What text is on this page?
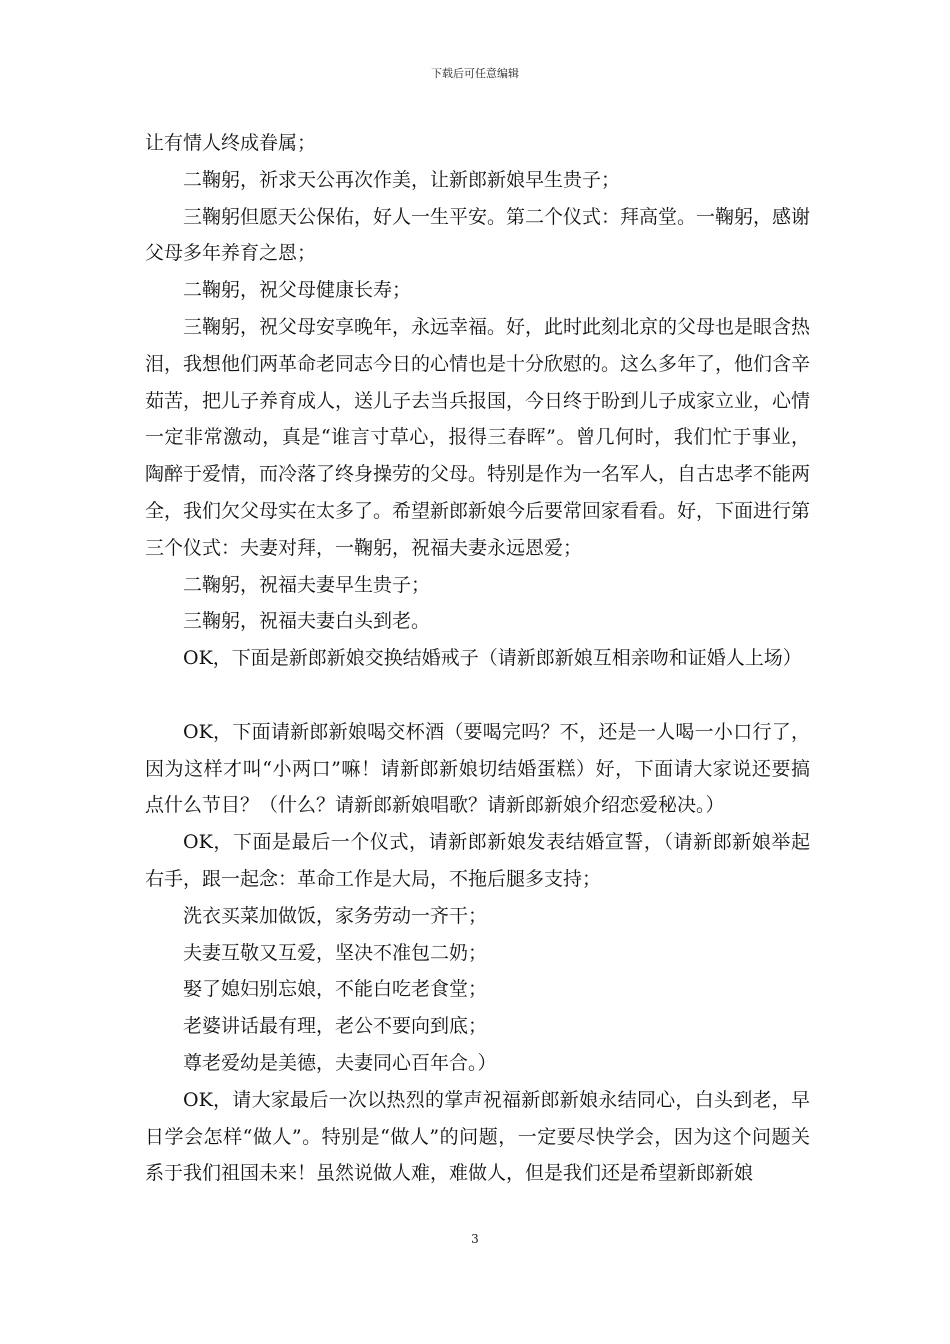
下载后可任意编辑

让有情人终成眷属；

二鞠躬，祈求天公再次作美，让新郎新娘早生贵子；

三鞠躬但愿天公保佑，好人一生平安。第二个仪式：拜高堂。一鞠躬，感谢父母多年养育之恩；

二鞠躬，祝父母健康长寿；

三鞠躬，祝父母安享晚年，永远幸福。好，此时此刻北京的父母也是眼含热泪，我想他们两革命老同志今日的心情也是十分欣慰的。这么多年了，他们含辛茹苦，把儿子养育成人，送儿子去当兵报国，今日终于盼到儿子成家立业，心情一定非常激动，真是“谁言寸草心，报得三春晖”。曾几何时，我们忙于事业，陶醉于爱情，而冷落了终身操劳的父母。特别是作为一名军人，自古忠孝不能两全，我们欠父母实在太多了。希望新郎新娘今后要常回家看看。好，下面进行第三个仪式：夫妻对拜，一鞠躬，祝福夫妻永远恩爱；

二鞠躬，祝福夫妻早生贵子；

三鞠躬，祝福夫妻白头到老。

OK，下面是新郎新娘交换结婚戒子（请新郎新娘互相亲吻和证婚人上场）

OK，下面请新郎新娘喝交杯酒（要喝完吗？不，还是一人喝一小口行了，因为这样才叫“小两口”嘛！请新郎新娘切结婚蛋糕）好，下面请大家说还要搞点什么节目？（什么？请新郎新娘唱歌？请新郎新娘介绍恋爱秘决。）

OK，下面是最后一个仪式，请新郎新娘发表结婚宣誓，（请新郎新娘举起右手，跟一起念：革命工作是大局，不拖后腿多支持；

洗衣买菜加做饭，家务劳动一齐干；

夫妻互敬又互爱，坚决不准包二奶；

娶了媳妇别忘娘，不能白吃老食堂；

老婆讲话最有理，老公不要向到底；

尊老爱幼是美德，夫妻同心百年合。）

OK，请大家最后一次以热烈的掌声祝福新郎新娘永结同心，白头到老，早日学会怎样“做人”。特别是“做人”的问题，一定要尽快学会，因为这个问题关系于我们祖国未来！虽然说做人难，难做人，但是我们还是希望新郎新娘

3
